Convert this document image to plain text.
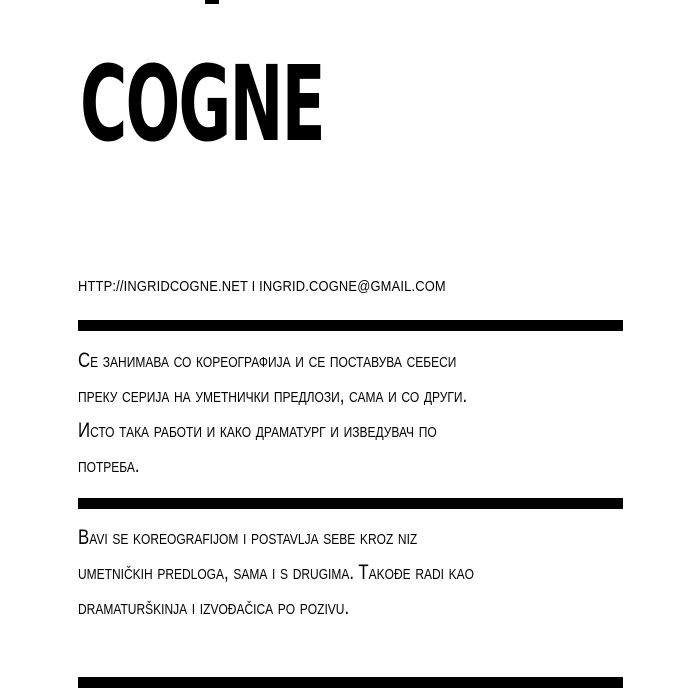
COGNE
HTTP://INGRIDCOGNE.NET I INGRID.COGNE@GMAIL.COM

Се занимава со кореографија и се поставува себеси
преку серија на уметнички предлози, сама и со други.
Исто така работи и како драматург и изведувач по
потреба.

Bavi se koreografijom i postavlja sebe kroz niz
umetničkih predloga, sama i s drugima. Takođe radi kao
dramaturškinja i izvođačica po pozivu.
